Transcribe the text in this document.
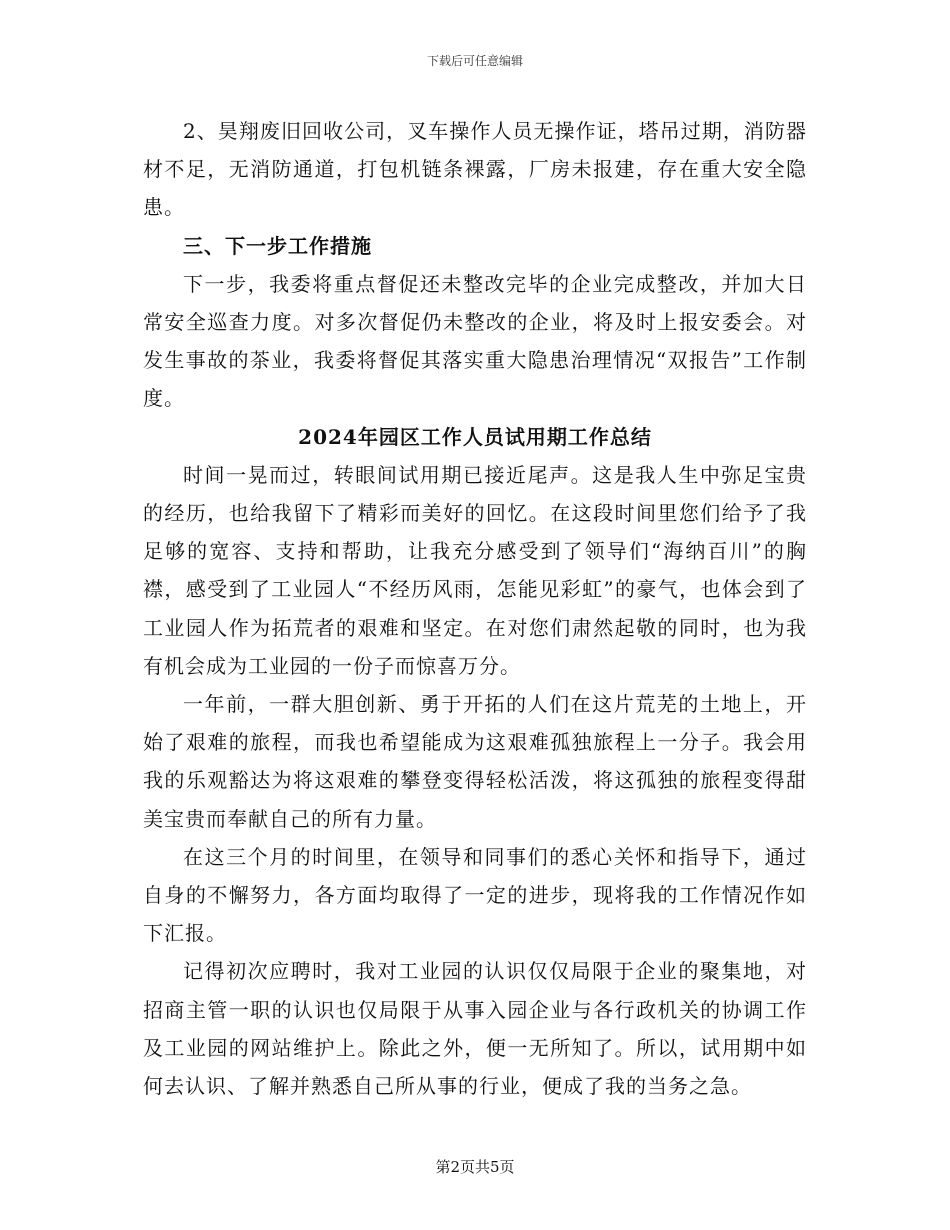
下载后可任意编辑

2、昊翔废旧回收公司，叉车操作人员无操作证，塔吊过期，消防器材不足，无消防通道，打包机链条裸露，厂房未报建，存在重大安全隐患。

三、下一步工作措施

下一步，我委将重点督促还未整改完毕的企业完成整改，并加大日常安全巡查力度。对多次督促仍未整改的企业，将及时上报安委会。对发生事故的茶业，我委将督促其落实重大隐患治理情况“双报告”工作制度。

2024年园区工作人员试用期工作总结

时间一晃而过，转眼间试用期已接近尾声。这是我人生中弥足宝贵的经历，也给我留下了精彩而美好的回忆。在这段时间里您们给予了我足够的宽容、支持和帮助，让我充分感受到了领导们“海纳百川”的胸襟，感受到了工业园人“不经历风雨，怎能见彩虹”的豪气，也体会到了工业园人作为拓荒者的艰难和坚定。在对您们肃然起敬的同时，也为我有机会成为工业园的一份子而惊喜万分。

一年前，一群大胆创新、勇于开拓的人们在这片荒芜的土地上，开始了艰难的旅程，而我也希望能成为这艰难孤独旅程上一分子。我会用我的乐观豁达为将这艰难的攀登变得轻松活泼，将这孤独的旅程变得甜美宝贵而奉献自己的所有力量。

在这三个月的时间里，在领导和同事们的悉心关怀和指导下，通过自身的不懈努力，各方面均取得了一定的进步，现将我的工作情况作如下汇报。

记得初次应聘时，我对工业园的认识仅仅局限于企业的聚集地，对招商主管一职的认识也仅局限于从事入园企业与各行政机关的协调工作及工业园的网站维护上。除此之外，便一无所知了。所以，试用期中如何去认识、了解并熟悉自己所从事的行业，便成了我的当务之急。

第2页共5页
